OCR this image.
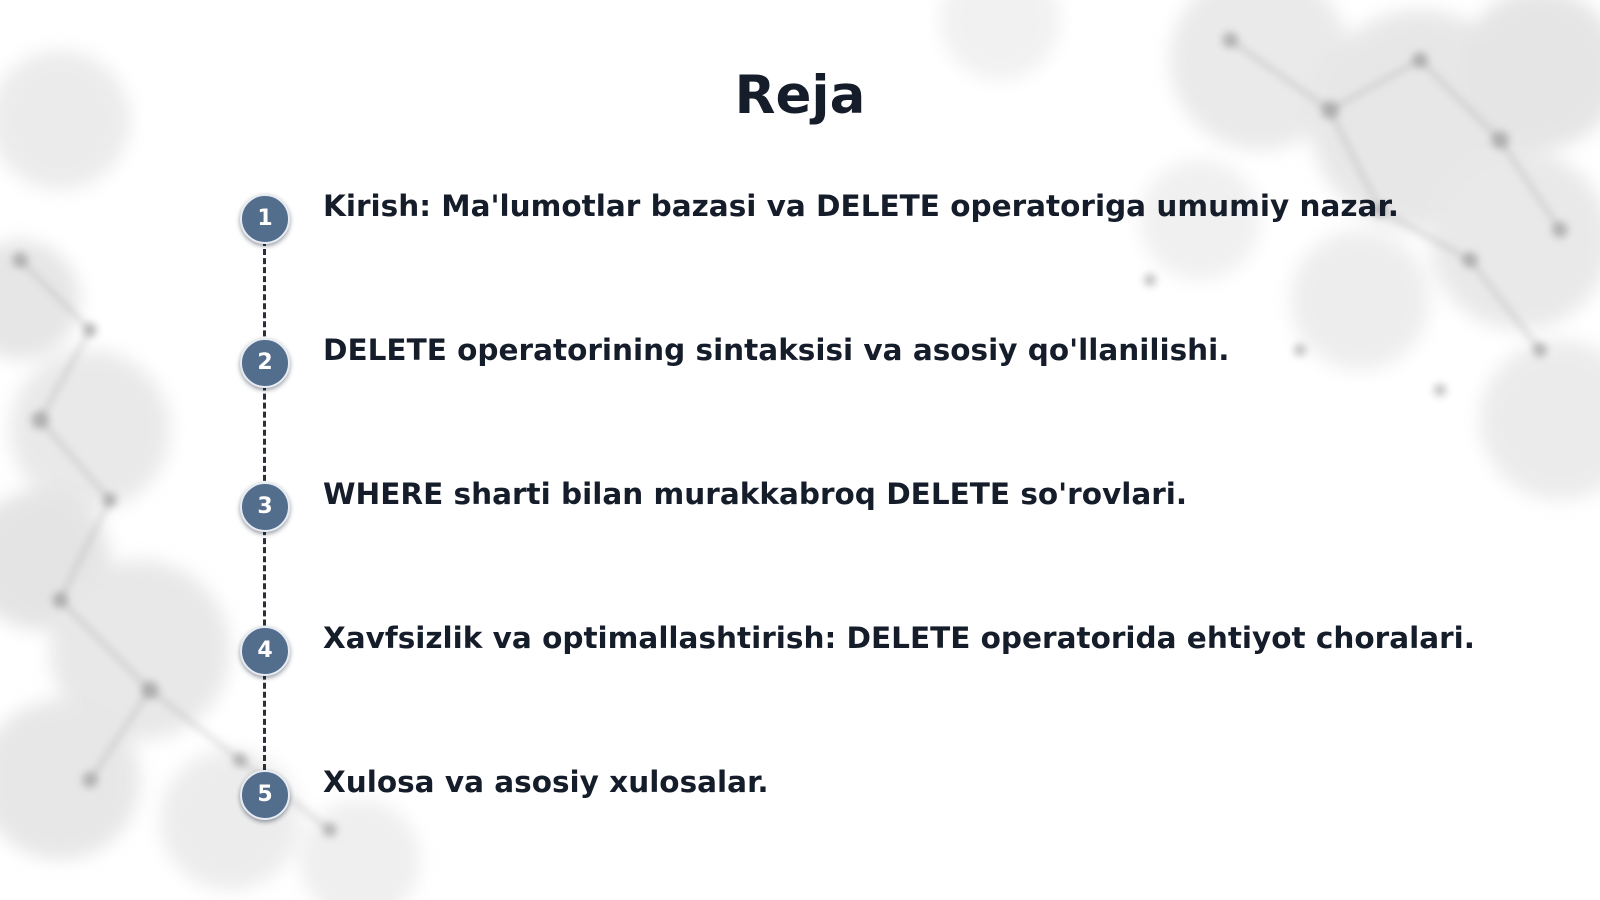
Reja
1	Kirish: Ma'lumotlar bazasi va DELETE operatoriga umumiy nazar.
2	DELETE operatorining sintaksisi va asosiy qo'llanilishi.
3	WHERE sharti bilan murakkabroq DELETE so'rovlari.
4	Xavfsizlik va optimallashtirish: DELETE operatorida ehtiyot choralari.
5	Xulosa va asosiy xulosalar.
